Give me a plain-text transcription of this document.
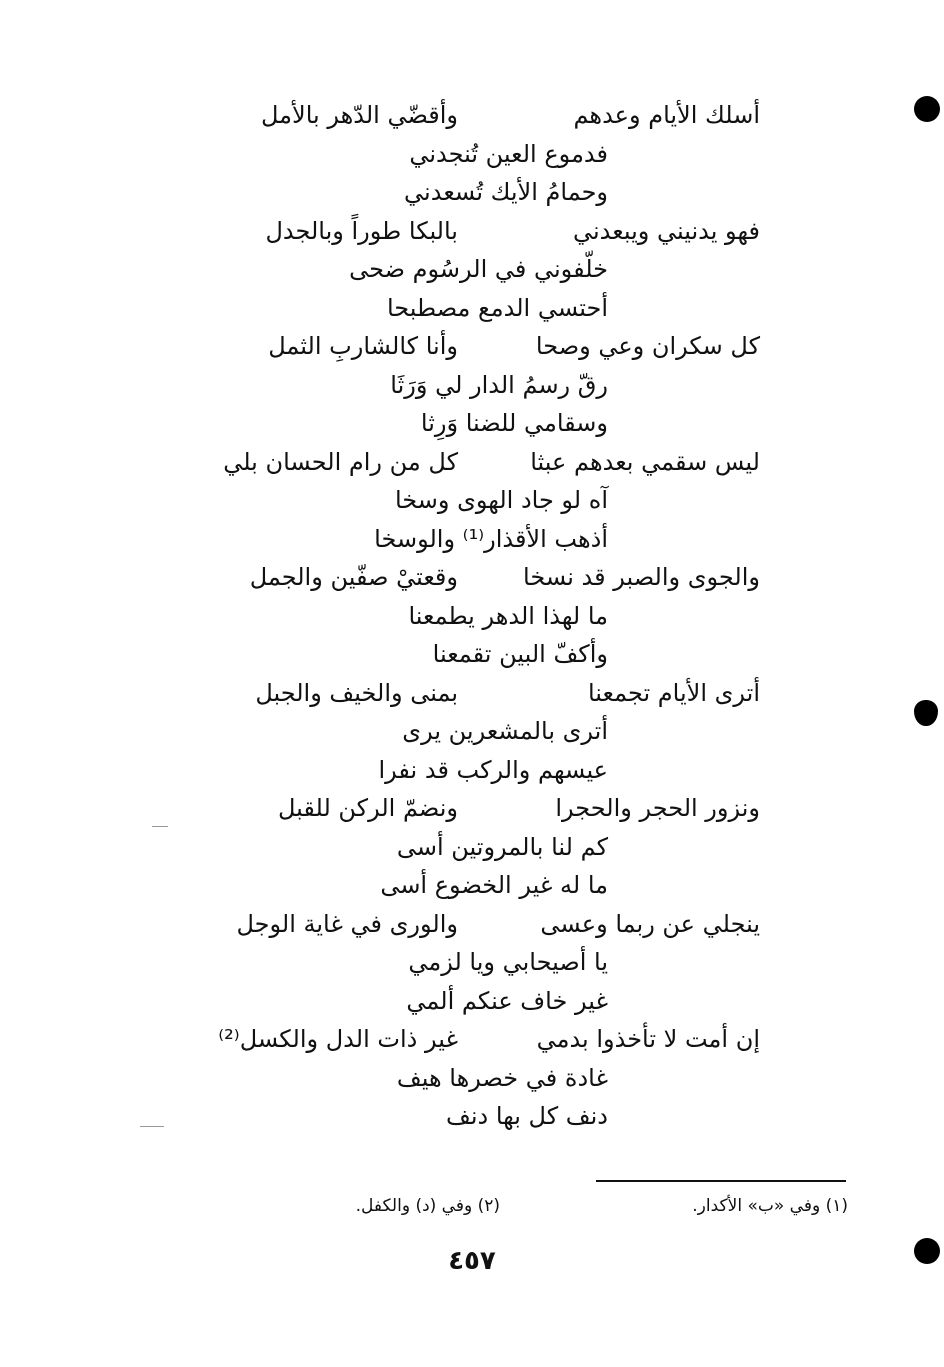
أسلك الأيام وعدهم
وأقضّي الدّهر بالأمل
فدموع العين تُنجدني
وحمامُ الأيك تُسعدني
فهو يدنيني ويبعدني
بالبكا طوراً وبالجدل
خلّفوني في الرسُوم ضحى
أحتسي الدمع مصطبحا
كل سكران وعي وصحا
وأنا كالشاربِ الثمل
رقّ رسمُ الدار لي وَرَثَا
وسقامي للضنا وَرِثا
ليس سقمي بعدهم عبثا
كل من رام الحسان بلي
آه لو جاد الهوى وسخا
أذهب الأقذار⁽¹⁾ والوسخا
والجوى والصبر قد نسخا
وقعتيْ صفّين والجمل
ما لهذا الدهر يطمعنا
وأكفّ البين تقمعنا
أترى الأيام تجمعنا
بمنى والخيف والجبل
أترى بالمشعرين يرى
عيسهم والركب قد نفرا
ونزور الحجر والحجرا
ونضمّ الركن للقبل
كم لنا بالمروتين أسى
ما له غير الخضوع أسى
ينجلي عن ربما وعسى
والورى في غاية الوجل
يا أصيحابي ويا لزمي
غير خاف عنكم ألمي
إن أمت لا تأخذوا بدمي
غير ذات الدل والكسل⁽²⁾
غادة في خصرها هيف
دنف كل بها دنف
(١) وفي «ب» الأكدار.
(٢) وفي (د) والكفل.
٤٥٧
